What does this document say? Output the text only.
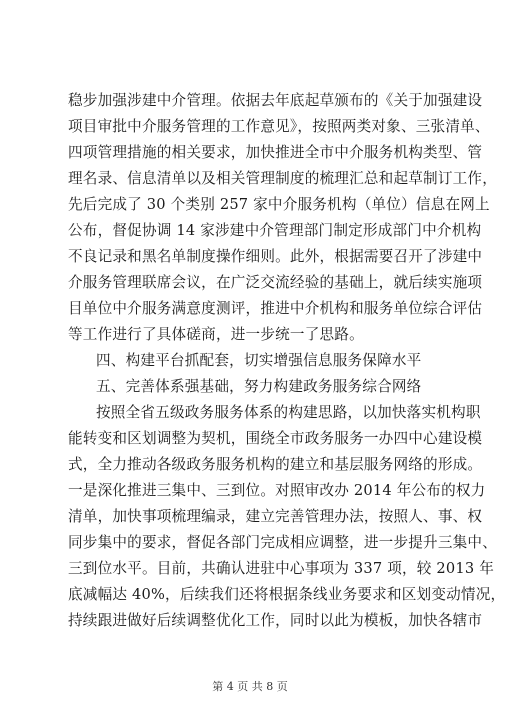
稳步加强涉建中介管理。依据去年底起草颁布的《关于加强建设
项目审批中介服务管理的工作意见》，按照两类对象、三张清单、
四项管理措施的相关要求，加快推进全市中介服务机构类型、管
理名录、信息清单以及相关管理制度的梳理汇总和起草制订工作，
先后完成了 30 个类别 257 家中介服务机构（单位）信息在网上
公布，督促协调 14 家涉建中介管理部门制定形成部门中介机构
不良记录和黑名单制度操作细则。此外，根据需要召开了涉建中
介服务管理联席会议，在广泛交流经验的基础上，就后续实施项
目单位中介服务满意度测评，推进中介机构和服务单位综合评估
等工作进行了具体磋商，进一步统一了思路。
四、构建平台抓配套，切实增强信息服务保障水平
五、完善体系强基础，努力构建政务服务综合网络
按照全省五级政务服务体系的构建思路，以加快落实机构职
能转变和区划调整为契机，围绕全市政务服务一办四中心建设模
式，全力推动各级政务服务机构的建立和基层服务网络的形成。
一是深化推进三集中、三到位。对照审改办 2014 年公布的权力
清单，加快事项梳理编录，建立完善管理办法，按照人、事、权
同步集中的要求，督促各部门完成相应调整，进一步提升三集中、
三到位水平。目前，共确认进驻中心事项为 337 项，较 2013 年
底减幅达 40%，后续我们还将根据条线业务要求和区划变动情况，
持续跟进做好后续调整优化工作，同时以此为模板，加快各辖市
第 4 页 共 8 页
